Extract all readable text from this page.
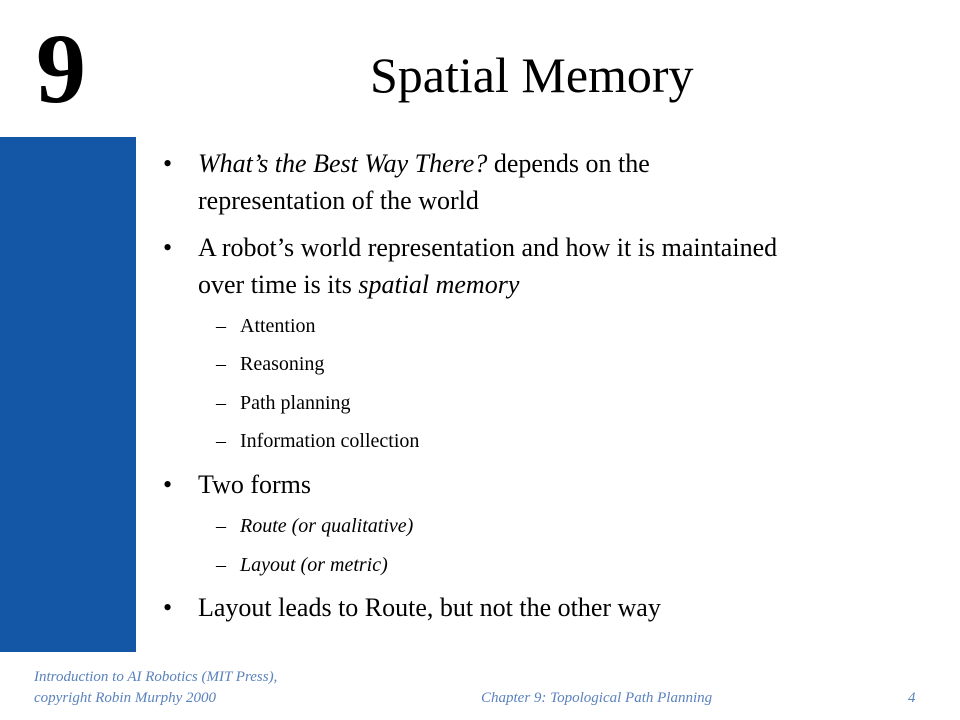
9	Spatial Memory
• What’s the Best Way There? depends on the
representation of the world
• A robot’s world representation and how it is maintained
over time is its spatial memory
– Attention
– Reasoning
– Path planning
– Information collection
• Two forms
– Route (or qualitative)
– Layout (or metric)
• Layout leads to Route, but not the other way
Introduction to AI Robotics (MIT Press),
copyright Robin Murphy 2000	Chapter 9: Topological Path Planning	4
